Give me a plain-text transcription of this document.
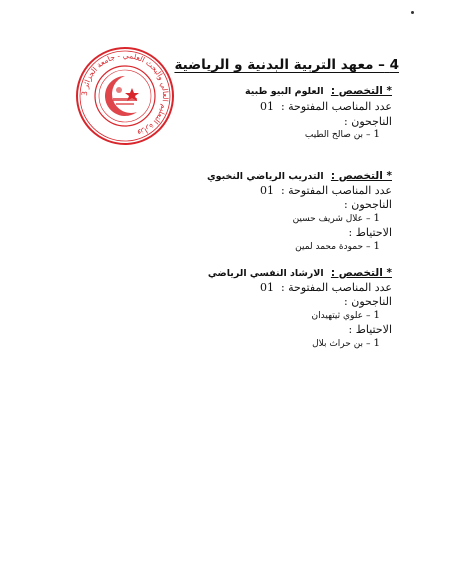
وزارة التعليم العالي والبحث العلمي - جامعة الجزائر 3
4 – معهد التربية البدنية و الرياضية
* التخصص :  العلوم البيو طبية
عدد المناصب المفتوحة :  01
الناجحون :
1 – بن صالح الطيب
* التخصص :  التدريب الرياضي النخبوي
عدد المناصب المفتوحة :  01
الناجحون :
1 – علال شريف حسين
الاحتياط :
1 – حمودة محمد لمين
* التخصص :  الارشاد النفسي الرياضي
عدد المناصب المفتوحة :  01
الناجحون :
1 – علوي ثيتهيدان
الاحتياط :
1 – بن حراث بلال
